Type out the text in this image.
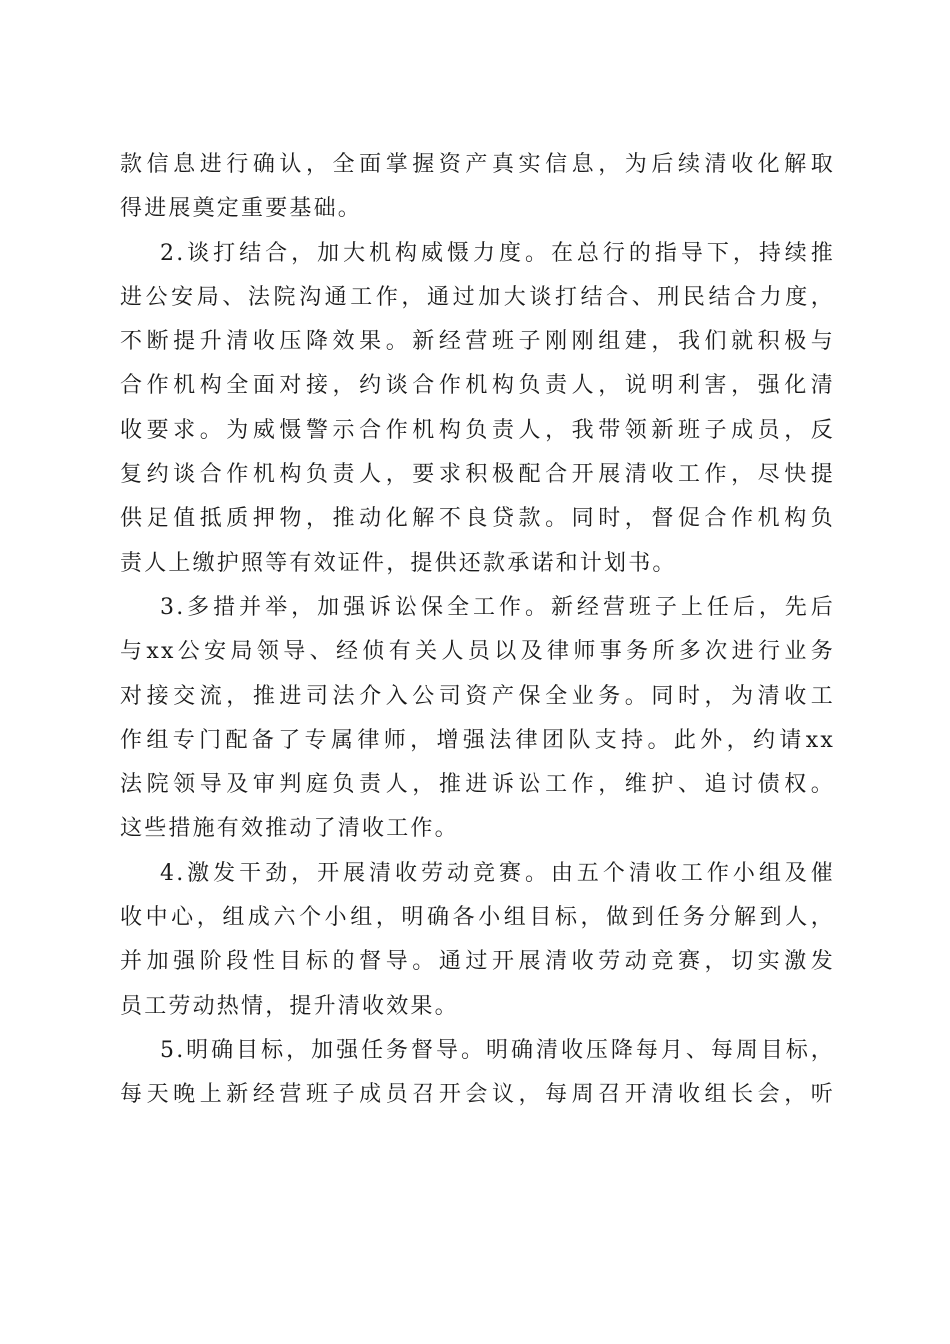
款信息进行确认，全面掌握资产真实信息，为后续清收化解取
得进展奠定重要基础。
2.谈打结合，加大机构威慑力度。在总行的指导下，持续推
进公安局、法院沟通工作，通过加大谈打结合、刑民结合力度，
不断提升清收压降效果。新经营班子刚刚组建，我们就积极与
合作机构全面对接，约谈合作机构负责人，说明利害，强化清
收要求。为威慑警示合作机构负责人，我带领新班子成员，反
复约谈合作机构负责人，要求积极配合开展清收工作，尽快提
供足值抵质押物，推动化解不良贷款。同时，督促合作机构负
责人上缴护照等有效证件，提供还款承诺和计划书。
3.多措并举，加强诉讼保全工作。新经营班子上任后，先后
与xx公安局领导、经侦有关人员以及律师事务所多次进行业务
对接交流，推进司法介入公司资产保全业务。同时，为清收工
作组专门配备了专属律师，增强法律团队支持。此外，约请xx
法院领导及审判庭负责人，推进诉讼工作，维护、追讨债权。
这些措施有效推动了清收工作。
4.激发干劲，开展清收劳动竞赛。由五个清收工作小组及催
收中心，组成六个小组，明确各小组目标，做到任务分解到人，
并加强阶段性目标的督导。通过开展清收劳动竞赛，切实激发
员工劳动热情，提升清收效果。
5.明确目标，加强任务督导。明确清收压降每月、每周目标，
每天晚上新经营班子成员召开会议，每周召开清收组长会，听
